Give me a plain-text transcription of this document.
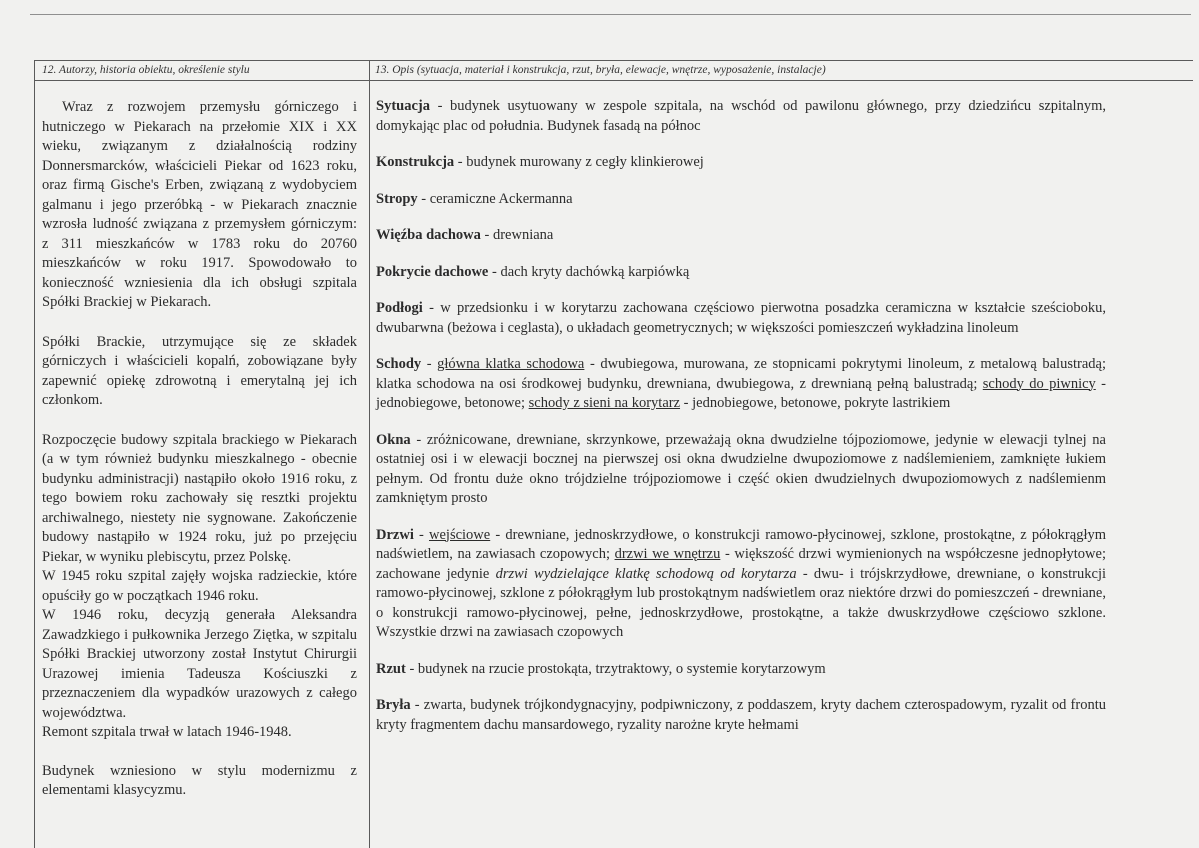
12. Autorzy, historia obiektu, określenie stylu	13. Opis (sytuacja, materiał i konstrukcja, rzut, bryła, elewacje, wnętrze, wyposażenie, instalacje)

Wraz z rozwojem przemysłu górniczego i hutniczego w Piekarach na przełomie XIX i XX wieku, związanym z działalnością rodziny Donnersmarcków, właścicieli Piekar od 1623 roku, oraz firmą Gische's Erben, związaną z wydobyciem galmanu i jego przeróbką - w Piekarach znacznie wzrosła ludność związana z przemysłem górniczym: z 311 mieszkańców w 1783 roku do 20760 mieszkańców w roku 1917. Spowodowało to konieczność wzniesienia dla ich obsługi szpitala Spółki Brackiej w Piekarach.

Spółki Brackie, utrzymujące się ze składek górniczych i właścicieli kopalń, zobowiązane były zapewnić opiekę zdrowotną i emerytalną jej ich członkom.

Rozpoczęcie budowy szpitala brackiego w Piekarach (a w tym również budynku mieszkalnego - obecnie budynku administracji) nastąpiło około 1916 roku, z tego bowiem roku zachowały się resztki projektu archiwalnego, niestety nie sygnowane. Zakończenie budowy nastąpiło w 1924 roku, już po przejęciu Piekar, w wyniku plebiscytu, przez Polskę.

W 1945 roku szpital zajęły wojska radzieckie, które opuściły go w początkach 1946 roku.

W 1946 roku, decyzją generała Aleksandra Zawadzkiego i pułkownika Jerzego Ziętka, w szpitalu Spółki Brackiej utworzony został Instytut Chirurgii Urazowej imienia Tadeusza Kościuszki z przeznaczeniem dla wypadków urazowych z całego województwa.

Remont szpitala trwał w latach 1946-1948.

Budynek wzniesiono w stylu modernizmu z elementami klasycyzmu.

Sytuacja - budynek usytuowany w zespole szpitala, na wschód od pawilonu głównego, przy dziedzińcu szpitalnym, domykając plac od południa. Budynek fasadą na północ

Konstrukcja - budynek murowany z cegły klinkierowej

Stropy - ceramiczne Ackermanna

Więźba dachowa - drewniana

Pokrycie dachowe - dach kryty dachówką karpiówką

Podłogi - w przedsionku i w korytarzu zachowana częściowo pierwotna posadzka ceramiczna w kształcie sześcioboku, dwubarwna (beżowa i ceglasta), o układach geometrycznych; w większości pomieszczeń wykładzina linoleum

Schody - główna klatka schodowa - dwubiegowa, murowana, ze stopnicami pokrytymi linoleum, z metalową balustradą; klatka schodowa na osi środkowej budynku, drewniana, dwubiegowa, z drewnianą pełną balustradą; schody do piwnicy - jednobiegowe, betonowe; schody z sieni na korytarz - jednobiegowe, betonowe, pokryte lastrikiem

Okna - zróżnicowane, drewniane, skrzynkowe, przeważają okna dwudzielne tójpoziomowe, jedynie w elewacji tylnej na ostatniej osi i w elewacji bocznej na pierwszej osi okna dwudzielne dwupoziomowe z nadślemieniem, zamknięte łukiem pełnym. Od frontu duże okno trójdzielne trójpoziomowe i część okien dwudzielnych dwupoziomowych z nadślemienm zamkniętym prosto

Drzwi - wejściowe - drewniane, jednoskrzydłowe, o konstrukcji ramowo-płycinowej, szklone, prostokątne, z półokrągłym nadświetlem, na zawiasach czopowych; drzwi we wnętrzu - większość drzwi wymienionych na współczesne jednopłytowe; zachowane jedynie drzwi wydzielające klatkę schodową od korytarza - dwu- i trójskrzydłowe, drewniane, o konstrukcji ramowo-płycinowej, szklone z półokrągłym lub prostokątnym nadświetlem oraz niektóre drzwi do pomieszczeń - drewniane, o konstrukcji ramowo-płycinowej, pełne, jednoskrzydłowe, prostokątne, a także dwuskrzydłowe częściowo szklone. Wszystkie drzwi na zawiasach czopowych

Rzut - budynek na rzucie prostokąta, trzytraktowy, o systemie korytarzowym

Bryła - zwarta, budynek trójkondygnacyjny, podpiwniczony, z poddaszem, kryty dachem czterospadowym, ryzalit od frontu kryty fragmentem dachu mansardowego, ryzality narożne kryte hełmami
